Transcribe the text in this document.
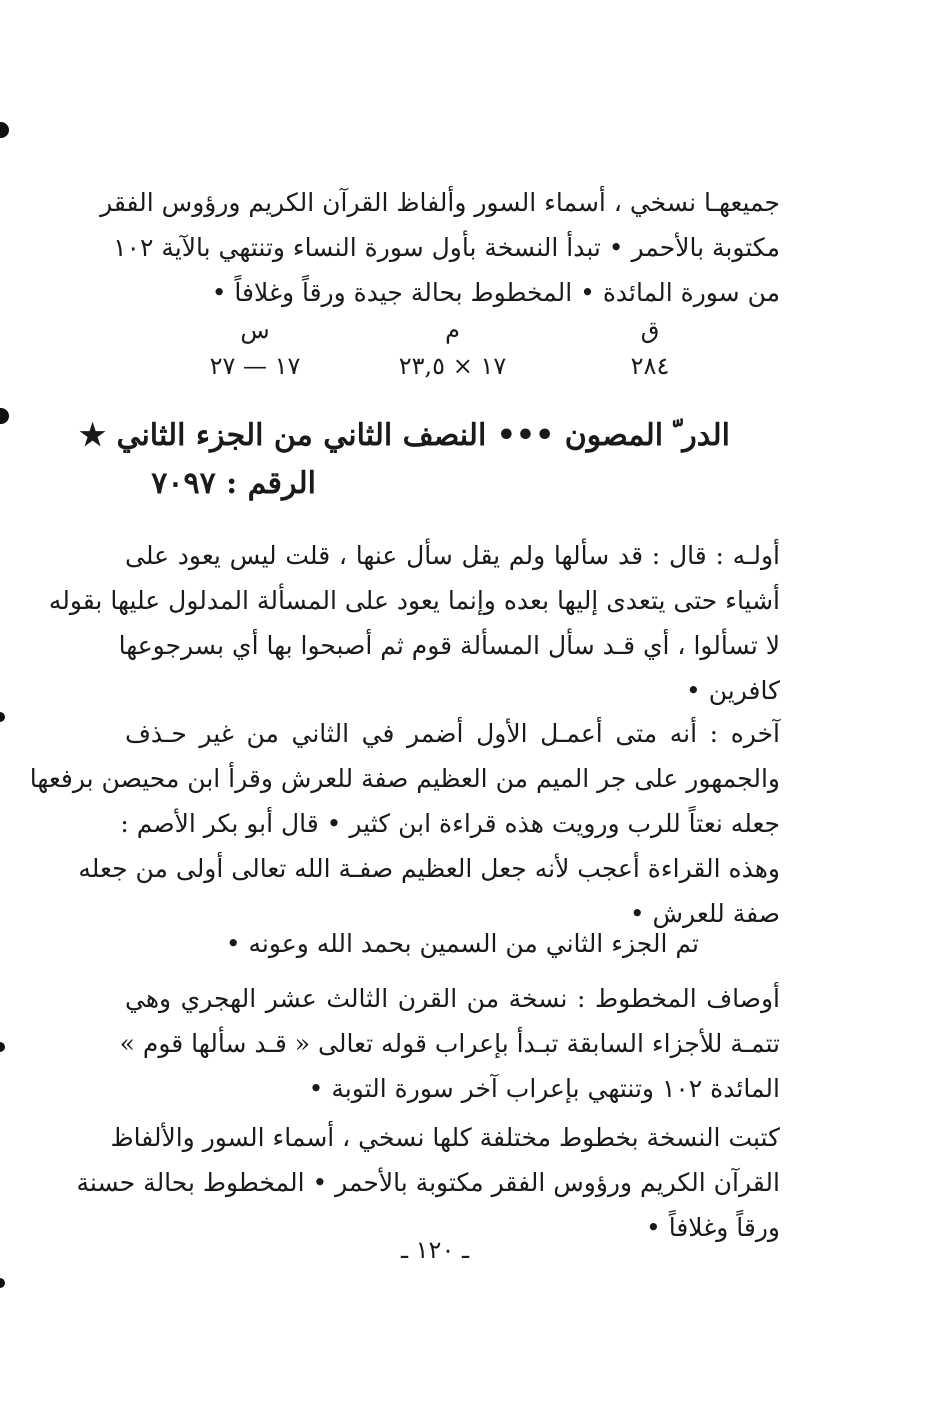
جميعهـا نسخي ، أسماء السور وألفاظ القرآن الكريم ورؤوس الفقر
مكتوبة بالأحمر • تبدأ النسخة بأول سورة النساء وتنتهي بالآية ١٠٢
من سورة المائدة • المخطوط بحالة جيدة ورقاً وغلافاً •
ق
م
س
٢٨٤
١٧ × ٢٣,٥
١٧ — ٢٧
الدر ّ المصون ••• النصف الثاني من الجزء الثاني ★
الرقم : ٧٠٩٧
أولـه : قال : قد سألها ولم يقل سأل عنها ، قلت ليس يعود على
أشياء حتى يتعدى إليها بعده وإنما يعود على المسألة المدلول عليها بقوله
لا تسألوا ، أي قـد سأل المسألة قوم ثم أصبحوا بها أي بسرجوعها
كافرين •
آخره : أنه متى أعمـل الأول أضمر في الثاني من غير حـذف
والجمهور على جر الميم من العظيم صفة للعرش وقرأ ابن محيصن برفعها
جعله نعتاً للرب ورويت هذه قراءة ابن كثير • قال أبو بكر الأصم :
وهذه القراءة أعجب لأنه جعل العظيم صفـة الله تعالى أولى من جعله
صفة للعرش •
تم الجزء الثاني من السمين بحمد الله وعونه •
أوصاف المخطوط : نسخة من القرن الثالث عشر الهجري وهي
تتمـة للأجزاء السابقة تبـدأ بإعراب قوله تعالى « قـد سألها قوم »
المائدة ١٠٢ وتنتهي بإعراب آخر سورة التوبة •
كتبت النسخة بخطوط مختلفة كلها نسخي ، أسماء السور والألفاظ
القرآن الكريم ورؤوس الفقر مكتوبة بالأحمر • المخطوط بحالة حسنة
ورقاً وغلافاً •
ـ ١٢٠ ـ
